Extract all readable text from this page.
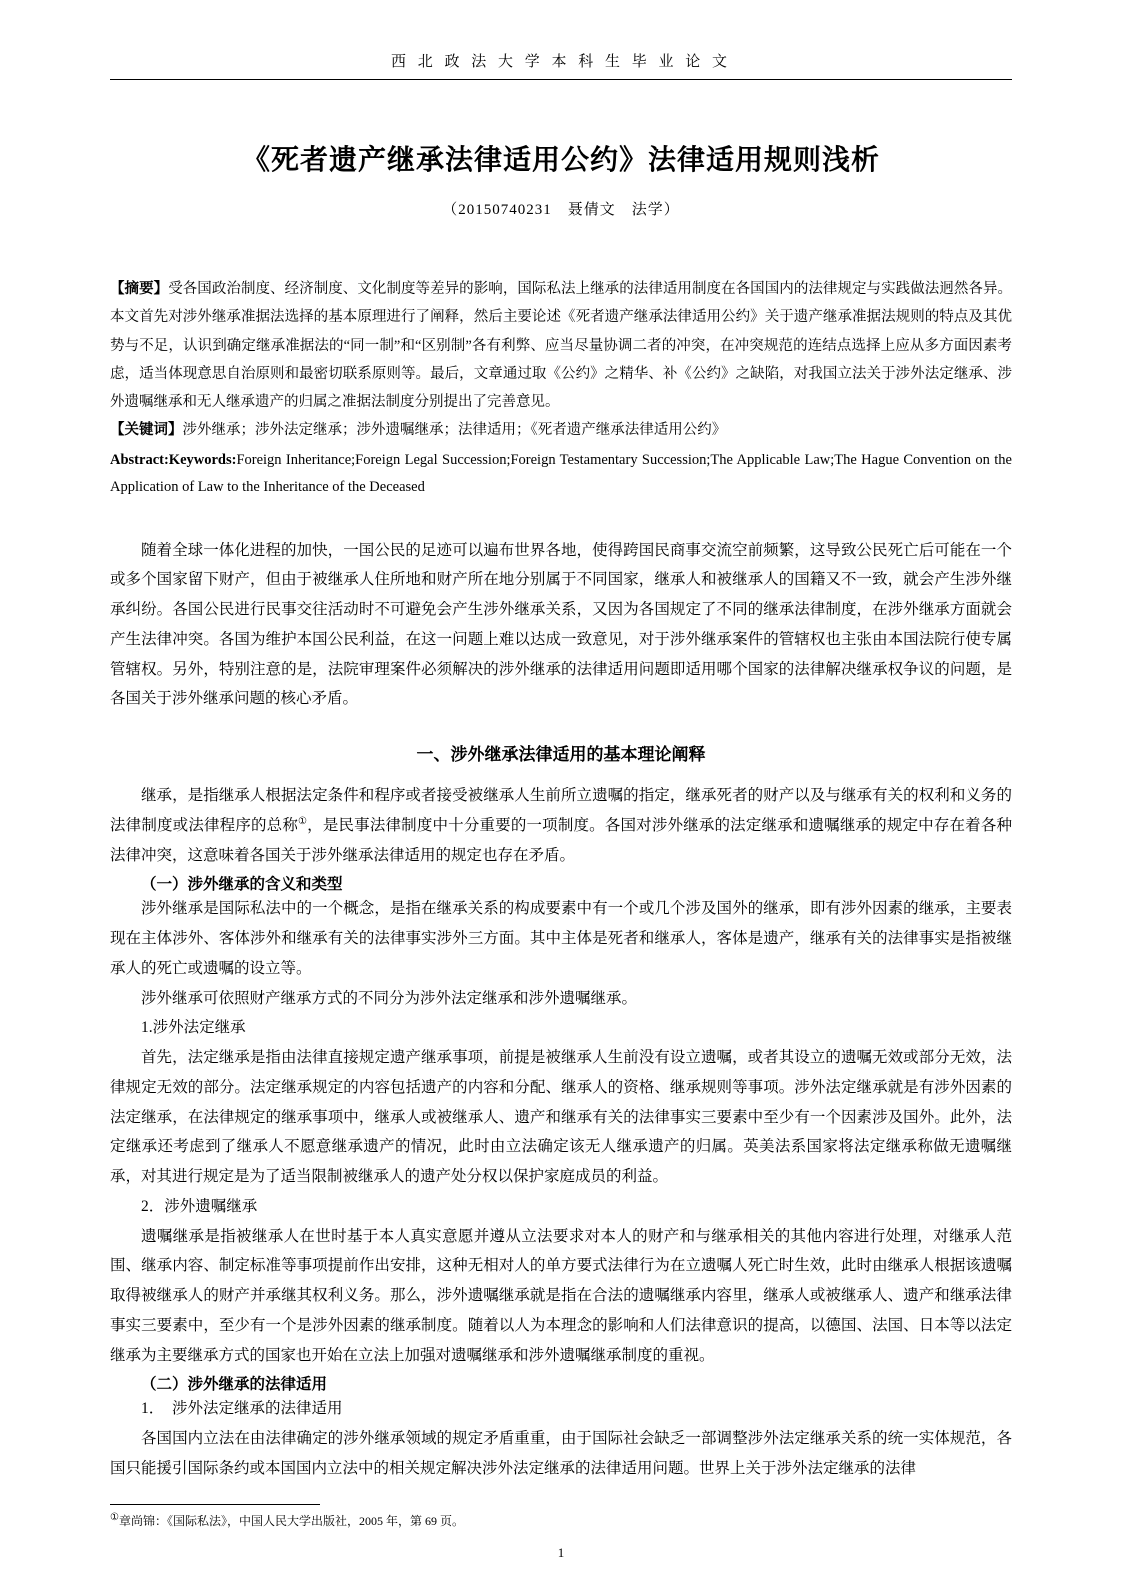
西 北 政 法 大 学 本 科 生 毕 业 论 文
《死者遗产继承法律适用公约》法律适用规则浅析
（20150740231　聂倩文　法学）

【摘要】受各国政治制度、经济制度、文化制度等差异的影响，国际私法上继承的法律适用制度在各国国内的法律规定与实践做法迥然各异。本文首先对涉外继承准据法选择的基本原理进行了阐释，然后主要论述《死者遗产继承法律适用公约》关于遗产继承准据法规则的特点及其优势与不足，认识到确定继承准据法的“同一制”和“区别制”各有利弊、应当尽量协调二者的冲突，在冲突规范的连结点选择上应从多方面因素考虑，适当体现意思自治原则和最密切联系原则等。最后，文章通过取《公约》之精华、补《公约》之缺陷，对我国立法关于涉外法定继承、涉外遗嘱继承和无人继承遗产的归属之准据法制度分别提出了完善意见。

【关键词】涉外继承；涉外法定继承；涉外遗嘱继承；法律适用；《死者遗产继承法律适用公约》

Abstract:Keywords:Foreign Inheritance;Foreign Legal Succession;Foreign Testamentary Succession;The Applicable Law;The Hague Convention on the Application of Law to the Inheritance of the Deceased

随着全球一体化进程的加快，一国公民的足迹可以遍布世界各地，使得跨国民商事交流空前频繁，这导致公民死亡后可能在一个或多个国家留下财产，但由于被继承人住所地和财产所在地分别属于不同国家，继承人和被继承人的国籍又不一致，就会产生涉外继承纠纷。各国公民进行民事交往活动时不可避免会产生涉外继承关系，又因为各国规定了不同的继承法律制度，在涉外继承方面就会产生法律冲突。各国为维护本国公民利益，在这一问题上难以达成一致意见，对于涉外继承案件的管辖权也主张由本国法院行使专属管辖权。另外，特别注意的是，法院审理案件必须解决的涉外继承的法律适用问题即适用哪个国家的法律解决继承权争议的问题，是各国关于涉外继承问题的核心矛盾。

一、涉外继承法律适用的基本理论阐释

继承，是指继承人根据法定条件和程序或者接受被继承人生前所立遗嘱的指定，继承死者的财产以及与继承有关的权利和义务的法律制度或法律程序的总称①，是民事法律制度中十分重要的一项制度。各国对涉外继承的法定继承和遗嘱继承的规定中存在着各种法律冲突，这意味着各国关于涉外继承法律适用的规定也存在矛盾。

（一）涉外继承的含义和类型

涉外继承是国际私法中的一个概念，是指在继承关系的构成要素中有一个或几个涉及国外的继承，即有涉外因素的继承，主要表现在主体涉外、客体涉外和继承有关的法律事实涉外三方面。其中主体是死者和继承人，客体是遗产，继承有关的法律事实是指被继承人的死亡或遗嘱的设立等。

涉外继承可依照财产继承方式的不同分为涉外法定继承和涉外遗嘱继承。

1.涉外法定继承

首先，法定继承是指由法律直接规定遗产继承事项，前提是被继承人生前没有设立遗嘱，或者其设立的遗嘱无效或部分无效，法律规定无效的部分。法定继承规定的内容包括遗产的内容和分配、继承人的资格、继承规则等事项。涉外法定继承就是有涉外因素的法定继承，在法律规定的继承事项中，继承人或被继承人、遗产和继承有关的法律事实三要素中至少有一个因素涉及国外。此外，法定继承还考虑到了继承人不愿意继承遗产的情况，此时由立法确定该无人继承遗产的归属。英美法系国家将法定继承称做无遗嘱继承，对其进行规定是为了适当限制被继承人的遗产处分权以保护家庭成员的利益。

2．涉外遗嘱继承

遗嘱继承是指被继承人在世时基于本人真实意愿并遵从立法要求对本人的财产和与继承相关的其他内容进行处理，对继承人范围、继承内容、制定标准等事项提前作出安排，这种无相对人的单方要式法律行为在立遗嘱人死亡时生效，此时由继承人根据该遗嘱取得被继承人的财产并承继其权利义务。那么，涉外遗嘱继承就是指在合法的遗嘱继承内容里，继承人或被继承人、遗产和继承法律事实三要素中，至少有一个是涉外因素的继承制度。随着以人为本理念的影响和人们法律意识的提高，以德国、法国、日本等以法定继承为主要继承方式的国家也开始在立法上加强对遗嘱继承和涉外遗嘱继承制度的重视。

（二）涉外继承的法律适用

1．　涉外法定继承的法律适用

各国国内立法在由法律确定的涉外继承领域的规定矛盾重重，由于国际社会缺乏一部调整涉外法定继承关系的统一实体规范，各国只能援引国际条约或本国国内立法中的相关规定解决涉外法定继承的法律适用问题。世界上关于涉外法定继承的法律

①章尚锦：《国际私法》，中国人民大学出版社，2005 年，第 69 页。
1
